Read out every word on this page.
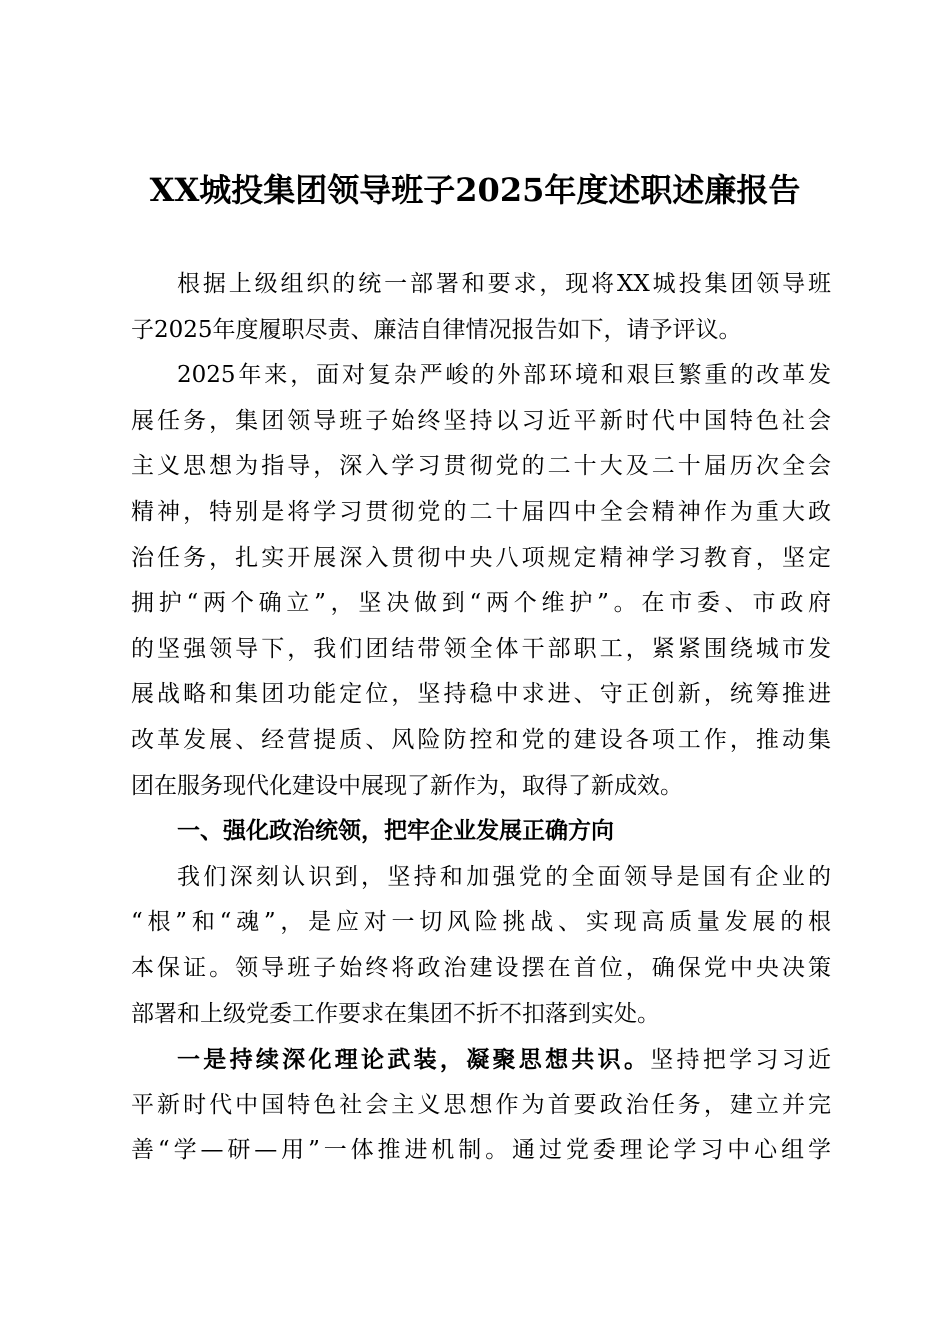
XX城投集团领导班子2025年度述职述廉报告
根据上级组织的统一部署和要求，现将XX城投集团领导班
子2025年度履职尽责、廉洁自律情况报告如下，请予评议。
2025年来，面对复杂严峻的外部环境和艰巨繁重的改革发
展任务，集团领导班子始终坚持以习近平新时代中国特色社会
主义思想为指导，深入学习贯彻党的二十大及二十届历次全会
精神，特别是将学习贯彻党的二十届四中全会精神作为重大政
治任务，扎实开展深入贯彻中央八项规定精神学习教育，坚定
拥护“两个确立”，坚决做到“两个维护”。在市委、市政府
的坚强领导下，我们团结带领全体干部职工，紧紧围绕城市发
展战略和集团功能定位，坚持稳中求进、守正创新，统筹推进
改革发展、经营提质、风险防控和党的建设各项工作，推动集
团在服务现代化建设中展现了新作为，取得了新成效。
一、强化政治统领，把牢企业发展正确方向
我们深刻认识到，坚持和加强党的全面领导是国有企业的
“根”和“魂”，是应对一切风险挑战、实现高质量发展的根
本保证。领导班子始终将政治建设摆在首位，确保党中央决策
部署和上级党委工作要求在集团不折不扣落到实处。
一是持续深化理论武装，凝聚思想共识。坚持把学习习近
平新时代中国特色社会主义思想作为首要政治任务，建立并完
善“学—研—用”一体推进机制。通过党委理论学习中心组学
